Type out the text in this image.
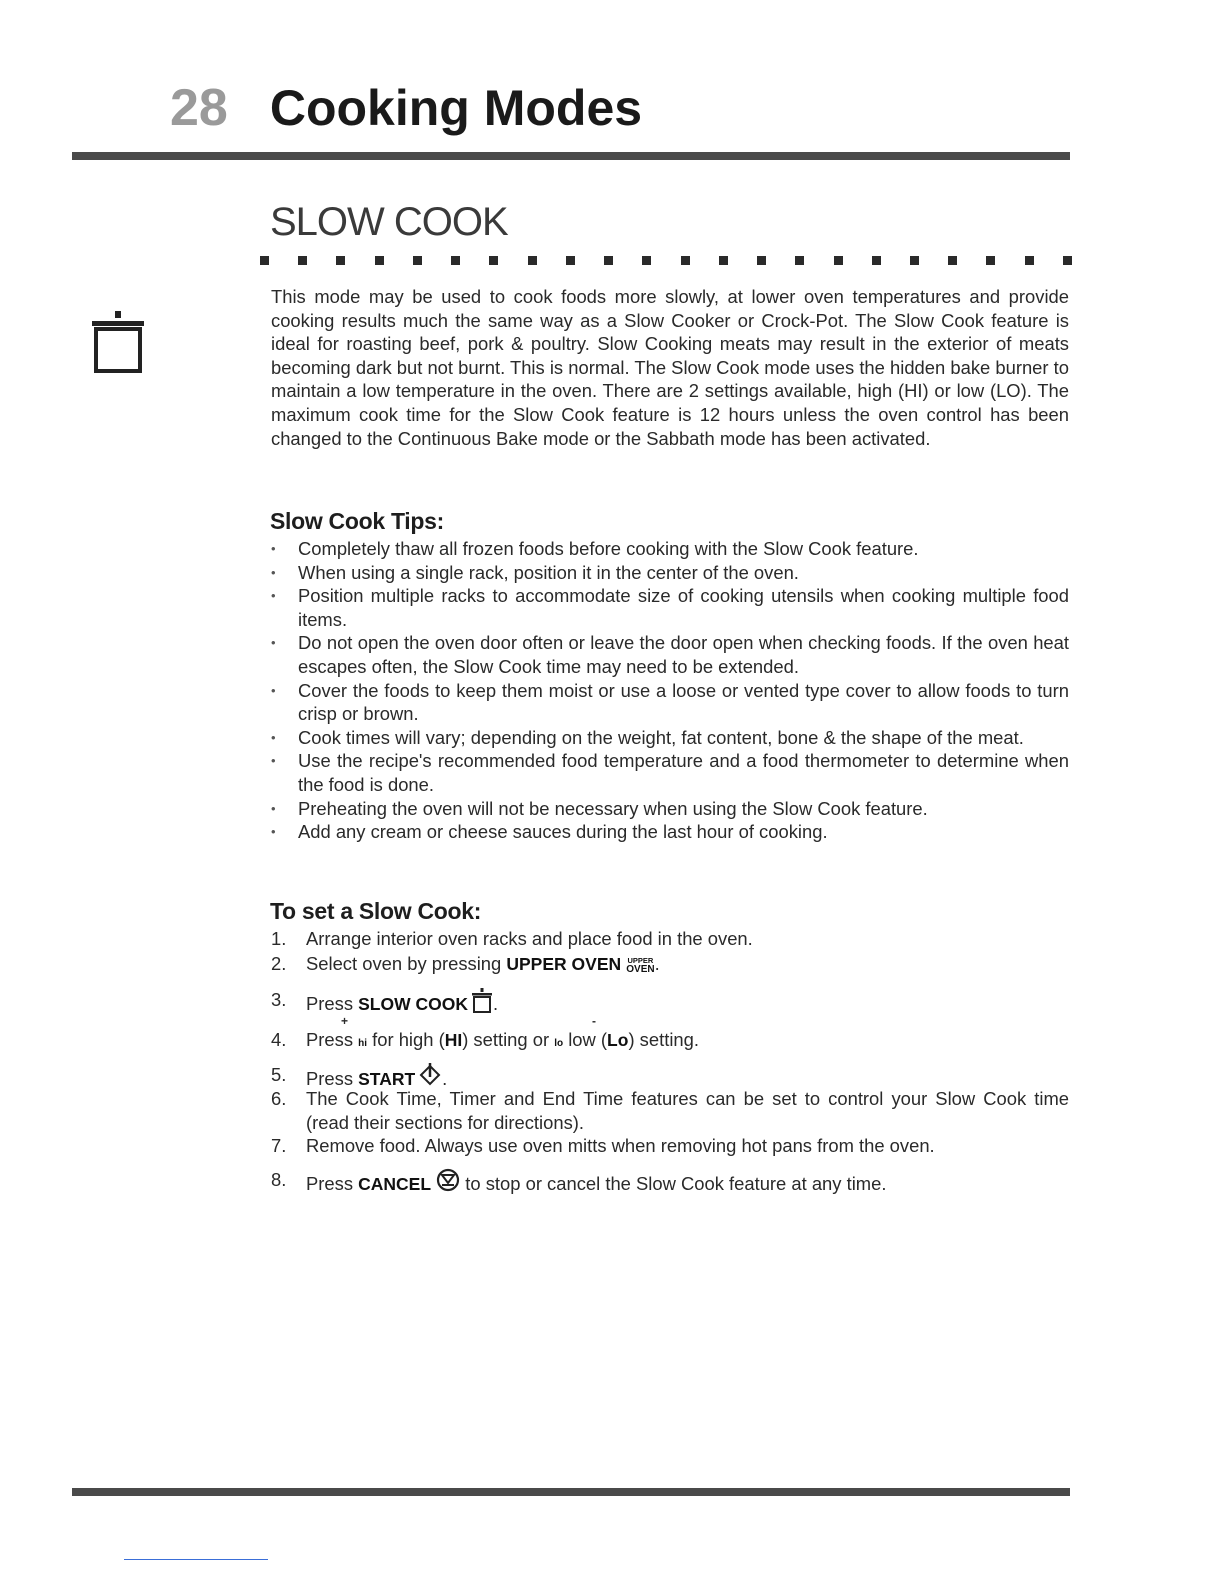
28 Cooking Modes
SLOW COOK
This mode may be used to cook foods more slowly, at lower oven temperatures and provide cooking results much the same way as a Slow Cooker or Crock-Pot. The Slow Cook feature is ideal for roasting beef, pork & poultry. Slow Cooking meats may result in the exterior of meats becoming dark but not burnt. This is normal. The Slow Cook mode uses the hidden bake burner to maintain a low temperature in the oven. There are 2 settings available, high (HI) or low (LO). The maximum cook time for the Slow Cook feature is 12 hours unless the oven control has been changed to the Continuous Bake mode or the Sabbath mode has been activated.
Slow Cook Tips:
• Completely thaw all frozen foods before cooking with the Slow Cook feature.
• When using a single rack, position it in the center of the oven.
• Position multiple racks to accommodate size of cooking utensils when cooking multiple food items.
• Do not open the oven door often or leave the door open when checking foods. If the oven heat escapes often, the Slow Cook time may need to be extended.
• Cover the foods to keep them moist or use a loose or vented type cover to allow foods to turn crisp or brown.
• Cook times will vary; depending on the weight, fat content, bone & the shape of the meat.
• Use the recipe's recommended food temperature and a food thermometer to determine when the food is done.
• Preheating the oven will not be necessary when using the Slow Cook feature.
• Add any cream or cheese sauces during the last hour of cooking.
To set a Slow Cook:
1.	Arrange interior oven racks and place food in the oven.
2.	Select oven by pressing UPPER OVEN UPPER
OVEN .
3.	Press SLOW COOK .
4.
+	-
Press hi for high (HI) setting or lo low (Lo) setting.
5.	Press START .
6.	The Cook Time, Timer and End Time features can be set to control your Slow Cook time (read their sections for directions).
7.	Remove food. Always use oven mitts when removing hot pans from the oven.
8.	Press CANCEL  to stop or cancel the Slow Cook feature at any time.
